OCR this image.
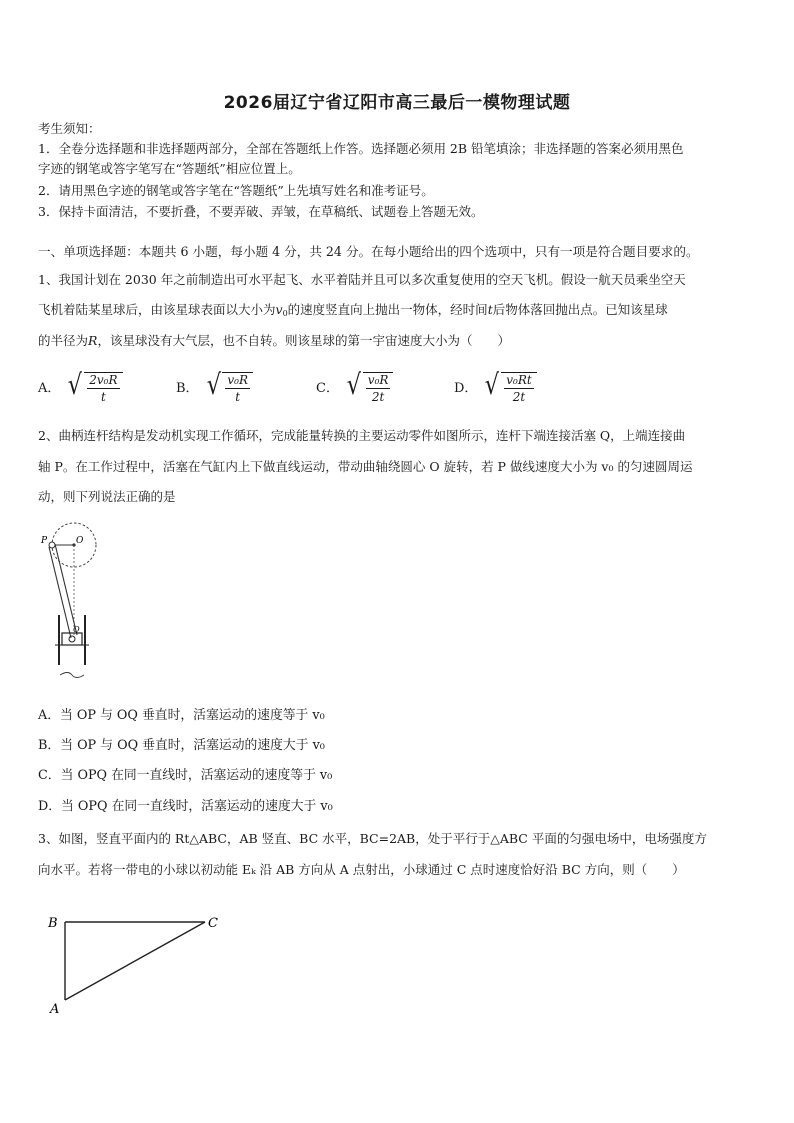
2026届辽宁省辽阳市高三最后一模物理试题
考生须知：
1．全卷分选择题和非选择题两部分，全部在答题纸上作答。选择题必须用 2B 铅笔填涂；非选择题的答案必须用黑色
字迹的钢笔或答字笔写在“答题纸”相应位置上。
2．请用黑色字迹的钢笔或答字笔在“答题纸”上先填写姓名和准考证号。
3．保持卡面清洁，不要折叠，不要弄破、弄皱，在草稿纸、试题卷上答题无效。
一、单项选择题：本题共 6 小题，每小题 4 分，共 24 分。在每小题给出的四个选项中，只有一项是符合题目要求的。
1、我国计划在 2030 年之前制造出可水平起飞、水平着陆并且可以多次重复使用的空天飞机。假设一航天员乘坐空天
飞机着陆某星球后，由该星球表面以大小为$v_0$的速度竖直向上抛出一物体，经时间t后物体落回抛出点。已知该星球
的半径为R，该星球没有大气层，也不自转。则该星球的第一宇宙速度大小为（　　）
A． √ $\frac{\text{2v₀R}}{t}$	B． √ $\frac{\text{v₀R}}{t}$	C． √ $\frac{\text{v₀R}}{2t}$	D． √ $\frac{\text{v₀Rt}}{2t}$
2、曲柄连杆结构是发动机实现工作循环，完成能量转换的主要运动零件如图所示，连杆下端连接活塞 Q，上端连接曲
轴 P。在工作过程中，活塞在气缸内上下做直线运动，带动曲轴绕圆心 O 旋转，若 P 做线速度大小为 v₀ 的匀速圆周运
动，则下列说法正确的是
P	O
Q
A．当 OP 与 OQ 垂直时，活塞运动的速度等于 v₀
B．当 OP 与 OQ 垂直时，活塞运动的速度大于 v₀
C．当 OPQ 在同一直线时，活塞运动的速度等于 v₀
D．当 OPQ 在同一直线时，活塞运动的速度大于 v₀
3、如图，竖直平面内的 Rt△ABC，AB 竖直、BC 水平，BC=2AB，处于平行于△ABC 平面的匀强电场中，电场强度方
向水平。若将一带电的小球以初动能 Eₖ 沿 AB 方向从 A 点射出，小球通过 C 点时速度恰好沿 BC 方向，则（　　）
B	C
A
